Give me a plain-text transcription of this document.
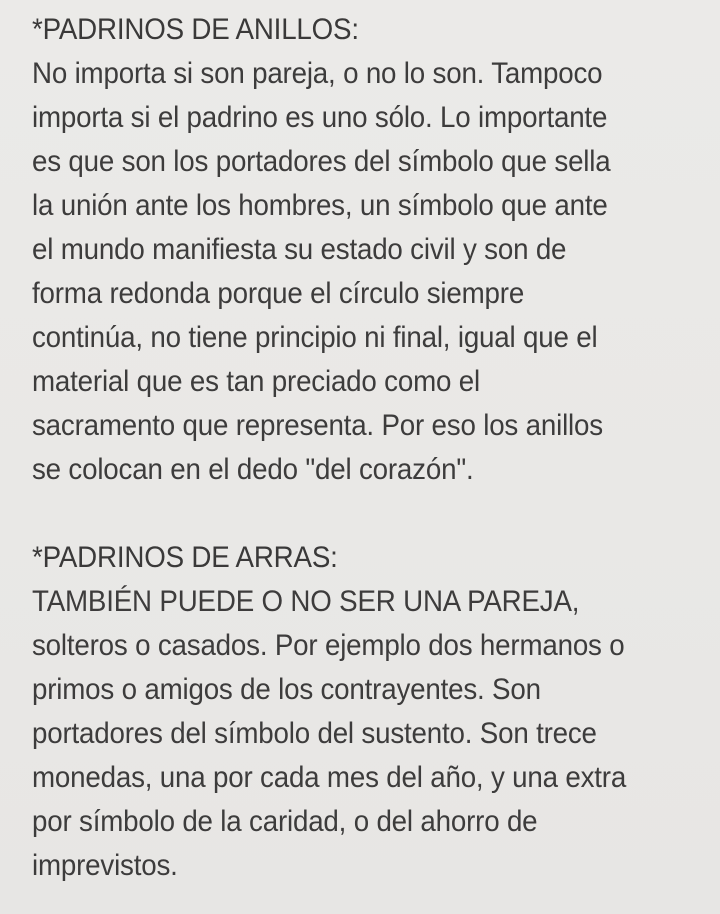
*PADRINOS DE ANILLOS:
No importa si son pareja, o no lo son. Tampoco
importa si el padrino es uno sólo. Lo importante
es que son los portadores del símbolo que sella
la unión ante los hombres, un símbolo que ante
el mundo manifiesta su estado civil y son de
forma redonda porque el círculo siempre
continúa, no tiene principio ni final, igual que el
material que es tan preciado como el
sacramento que representa. Por eso los anillos
se colocan en el dedo "del corazón".
*PADRINOS DE ARRAS:
TAMBIÉN PUEDE O NO SER UNA PAREJA,
solteros o casados. Por ejemplo dos hermanos o
primos o amigos de los contrayentes. Son
portadores del símbolo del sustento. Son trece
monedas, una por cada mes del año, y una extra
por símbolo de la caridad, o del ahorro de
imprevistos.
